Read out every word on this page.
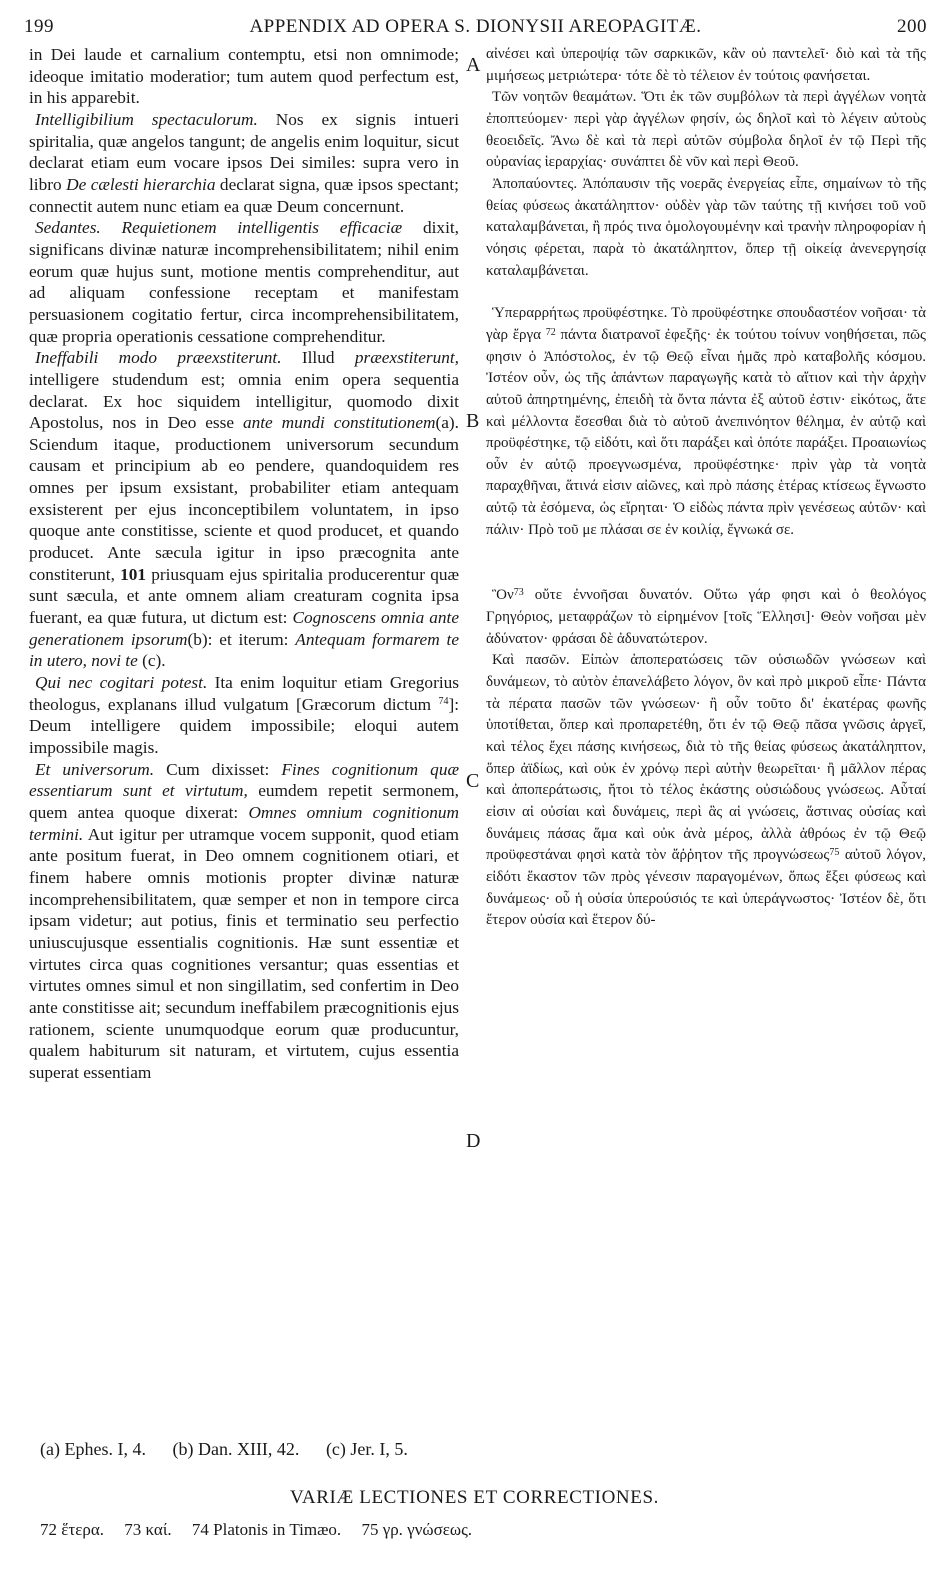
199	APPENDIX AD OPERA S. DIONYSII AREOPAGITÆ.	200

in Dei laude et carnalium contemptu, etsi non omnimode; ideoque imitatio moderatior; tum autem quod perfectum est, in his apparebit.

Intelligibilium spectaculorum. Nos ex signis intueri spiritalia, quæ angelos tangunt; de angelis enim loquitur, sicut declarat etiam eum vocare ipsos Dei similes: supra vero in libro De cælesti hierarchia declarat signa, quæ ipsos spectant; connectit autem nunc etiam ea quæ Deum concernunt.

Sedantes. Requietionem intelligentis efficaciæ dixit, significans divinæ naturæ incomprehensibilitatem; nihil enim eorum quæ hujus sunt, motione mentis comprehenditur, aut ad aliquam confessione receptam et manifestam persuasionem cogitatio fertur, circa incomprehensibilitatem, quæ propria operationis cessatione comprehenditur.

Ineffabili modo præexstiterunt. Illud præexstiterunt, intelligere studendum est; omnia enim opera sequentia declarat. Ex hoc siquidem intelligitur, quomodo dixit Apostolus, nos in Deo esse ante mundi constitutionem(a). Sciendum itaque, productionem universorum secundum causam et principium ab eo pendere, quandoquidem res omnes per ipsum exsistant, probabiliter etiam antequam exsisterent per ejus inconceptibilem voluntatem, in ipso quoque ante constitisse, sciente et quod producet, et quando producet. Ante sæcula igitur in ipso præcognita ante constiterunt, 101 priusquam ejus spiritalia producerentur quæ sunt sæcula, et ante omnem aliam creaturam cognita ipsa fuerant, ea quæ futura, ut dictum est: Cognoscens omnia ante generationem ipsorum(b): et iterum: Antequam formarem te in utero, novi te (c).

Qui nec cogitari potest. Ita enim loquitur etiam Gregorius theologus, explanans illud vulgatum [Græcorum dictum $^{74}$]: Deum intelligere quidem impossibile; eloqui autem impossibile magis.

Et universorum. Cum dixisset: Fines cognitionum quæ essentiarum sunt et virtutum, eumdem repetit sermonem, quem antea quoque dixerat: Omnes omnium cognitionum termini. Aut igitur per utramque vocem supponit, quod etiam ante positum fuerat, in Deo omnem cognitionem otiari, et finem habere omnis motionis propter divinæ naturæ incomprehensibilitatem, quæ semper et non in tempore circa ipsam videtur; aut potius, finis et terminatio seu perfectio uniuscujusque essentialis cognitionis. Hæ sunt essentiæ et virtutes circa quas cognitiones versantur; quas essentias et virtutes omnes simul et non singillatim, sed confertim in Deo ante constitisse ait; secundum ineffabilem præcognitionis ejus rationem, sciente unumquodque eorum quæ producuntur, qualem habiturum sit naturam, et virtutem, cujus essentia superat essentiam

A
B
C
D

αἰνέσει καὶ ὑπεροψίᾳ τῶν σαρκικῶν, κἂν οὐ παντελεῖ· διὸ καὶ τὰ τῆς μιμήσεως μετριώτερα· τότε δὲ τὸ τέλειον ἐν τούτοις φανήσεται.

Τῶν νοητῶν θεαμάτων. Ὅτι ἐκ τῶν συμβόλων τὰ περὶ ἀγγέλων νοητὰ ἐποπτεύομεν· περὶ γὰρ ἀγγέλων φησίν, ὡς δηλοῖ καὶ τὸ λέγειν αὐτοὺς θεοειδεῖς. Ἄνω δὲ καὶ τὰ περὶ αὐτῶν σύμβολα δηλοῖ ἐν τῷ Περὶ τῆς οὐρανίας ἱεραρχίας· συνάπτει δὲ νῦν καὶ περὶ Θεοῦ.

Ἀποπαύοντες. Ἀπόπαυσιν τῆς νοερᾶς ἐνεργείας εἶπε, σημαίνων τὸ τῆς θείας φύσεως ἀκατάληπτον· οὐδὲν γὰρ τῶν ταύτης τῇ κινήσει τοῦ νοῦ καταλαμβάνεται, ἢ πρός τινα ὁμολογουμένην καὶ τρανὴν πληροφορίαν ἡ νόησις φέρεται, παρὰ τὸ ἀκατάληπτον, ὅπερ τῇ οἰκείᾳ ἀνενεργησίᾳ καταλαμβάνεται.

Ὑπεραρρήτως προϋφέστηκε. Τὸ προϋφέστηκε σπουδαστέον νοῆσαι· τὰ γὰρ ἔργα $^{72}$ πάντα διατρανοῖ ἐφεξῆς· ἐκ τούτου τοίνυν νοηθήσεται, πῶς φησιν ὁ Ἀπόστολος, ἐν τῷ Θεῷ εἶναι ἡμᾶς πρὸ καταβολῆς κόσμου. Ἰστέον οὖν, ὡς τῆς ἁπάντων παραγωγῆς κατὰ τὸ αἴτιον καὶ τὴν ἀρχὴν αὐτοῦ ἀπηρτημένης, ἐπειδὴ τὰ ὄντα πάντα ἐξ αὐτοῦ ἐστιν· εἰκότως, ἅτε καὶ μέλλοντα ἔσεσθαι διὰ τὸ αὐτοῦ ἀνεπινόητον θέλημα, ἐν αὐτῷ καὶ προϋφέστηκε, τῷ εἰδότι, καὶ ὅτι παράξει καὶ ὁπότε παράξει. Προαιωνίως οὖν ἐν αὐτῷ προεγνωσμένα, προϋφέστηκε· πρὶν γὰρ τὰ νοητὰ παραχθῆναι, ἅτινά εἰσιν αἰῶνες, καὶ πρὸ πάσης ἑτέρας κτίσεως ἔγνωστο αὐτῷ τὰ ἐσόμενα, ὡς εἴρηται· Ὁ εἰδὼς πάντα πρὶν γενέσεως αὐτῶν· καὶ πάλιν· Πρὸ τοῦ με πλάσαι σε ἐν κοιλίᾳ, ἔγνωκά σε.

Ὃν$^{73}$ οὔτε ἐννοῆσαι δυνατόν. Οὕτω γάρ φησι καὶ ὁ θεολόγος Γρηγόριος, μεταφράζων τὸ εἰρημένον [τοῖς Ἕλλησι]· Θεὸν νοῆσαι μὲν ἀδύνατον· φράσαι δὲ ἀδυνατώτερον.

Καὶ πασῶν. Εἰπὼν ἀποπερατώσεις τῶν οὐσιωδῶν γνώσεων καὶ δυνάμεων, τὸ αὐτὸν ἐπανελάβετο λόγον, ὃν καὶ πρὸ μικροῦ εἶπε· Πάντα τὰ πέρατα πασῶν τῶν γνώσεων· ἢ οὖν τοῦτο δι' ἑκατέρας φωνῆς ὑποτίθεται, ὅπερ καὶ προπαρετέθη, ὅτι ἐν τῷ Θεῷ πᾶσα γνῶσις ἀργεῖ, καὶ τέλος ἔχει πάσης κινήσεως, διὰ τὸ τῆς θείας φύσεως ἀκατάληπτον, ὅπερ ἀϊδίως, καὶ οὐκ ἐν χρόνῳ περὶ αὐτὴν θεωρεῖται· ἢ μᾶλλον πέρας καὶ ἀποπεράτωσις, ἤτοι τὸ τέλος ἑκάστης οὐσιώδους γνώσεως. Αὗταί εἰσιν αἱ οὐσίαι καὶ δυνάμεις, περὶ ἃς αἱ γνώσεις, ἅστινας οὐσίας καὶ δυνάμεις πάσας ἅμα καὶ οὐκ ἀνὰ μέρος, ἀλλὰ ἀθρόως ἐν τῷ Θεῷ προϋφεστάναι φησὶ κατὰ τὸν ἄῤῥητον τῆς προγνώσεως$^{75}$ αὐτοῦ λόγον, εἰδότι ἕκαστον τῶν πρὸς γένεσιν παραγομένων, ὅπως ἕξει φύσεως καὶ δυνάμεως· οὗ ἡ οὐσία ὑπερούσιός τε καὶ ὑπεράγνωστος· Ἰστέον δὲ, ὅτι ἕτερον οὐσία καὶ ἕτερον δύ-

(a) Ephes. I, 4. (b) Dan. XIII, 42. (c) Jer. I, 5.
VARIÆ LECTIONES ET CORRECTIONES.
72 ἕτερα. 73 καί. 74 Platonis in Timæo. 75 γρ. γνώσεως.
